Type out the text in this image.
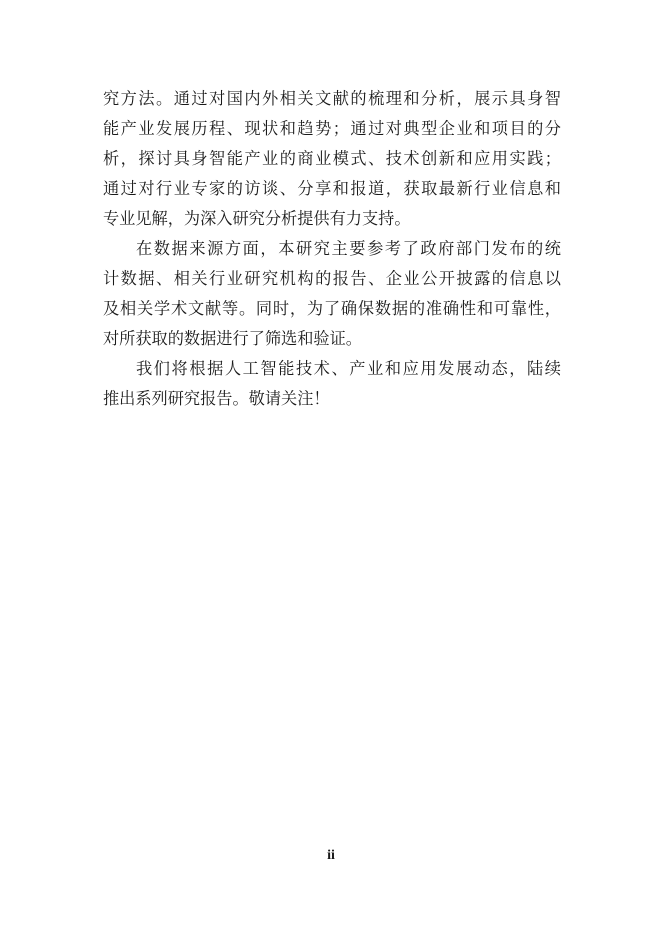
究方法。通过对国内外相关文献的梳理和分析，展示具身智
能产业发展历程、现状和趋势；通过对典型企业和项目的分
析，探讨具身智能产业的商业模式、技术创新和应用实践；
通过对行业专家的访谈、分享和报道，获取最新行业信息和
专业见解，为深入研究分析提供有力支持。
在数据来源方面，本研究主要参考了政府部门发布的统
计数据、相关行业研究机构的报告、企业公开披露的信息以
及相关学术文献等。同时，为了确保数据的准确性和可靠性，
对所获取的数据进行了筛选和验证。
我们将根据人工智能技术、产业和应用发展动态，陆续
推出系列研究报告。敬请关注！
ii
